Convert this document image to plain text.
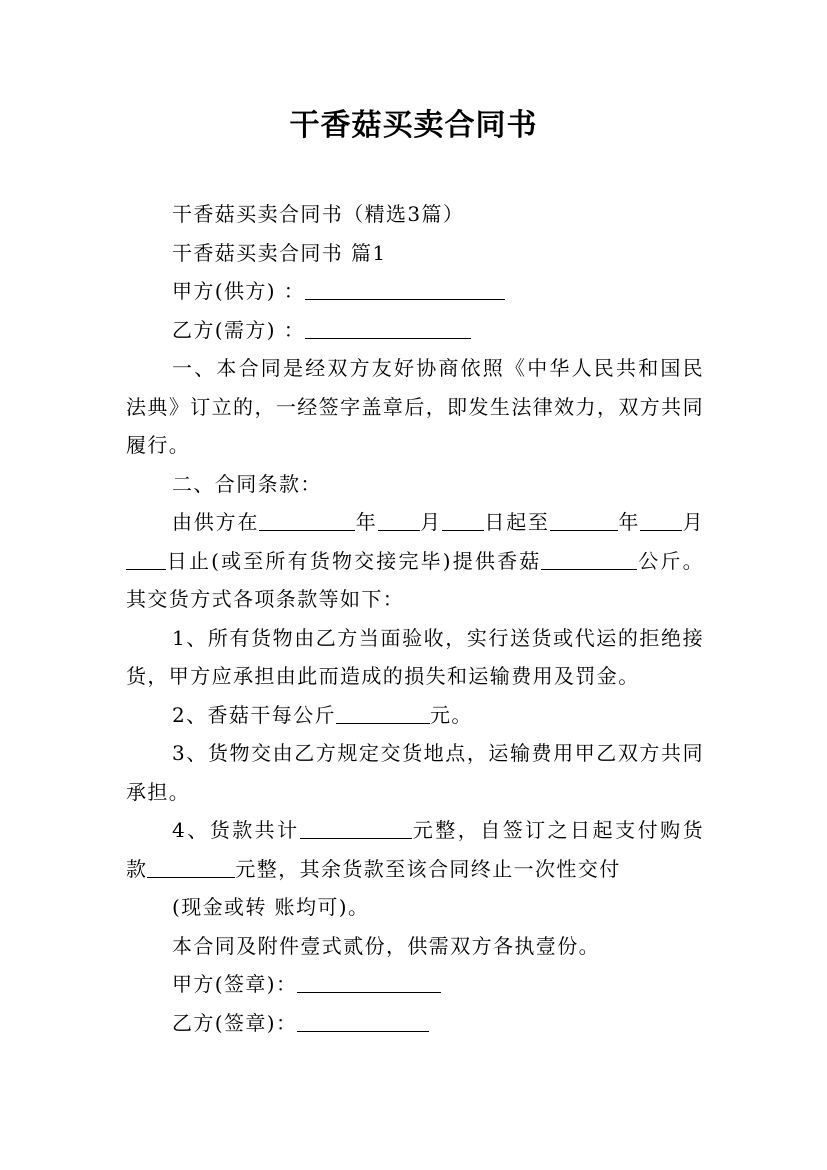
干香菇买卖合同书

干香菇买卖合同书（精选3篇）

干香菇买卖合同书 篇1

甲方(供方) ：

乙方(需方) ：

一、本合同是经双方友好协商依照《中华人民共和国民法典》订立的，一经签字盖章后，即发生法律效力，双方共同履行。

二、合同条款：

由供方在	年 月 日起至	年 月日止(或至所有货物交接完毕)提供香菇	公斤。其交货方式各项条款等如下：

1、所有货物由乙方当面验收，实行送货或代运的拒绝接货，甲方应承担由此而造成的损失和运输费用及罚金。

2、香菇干每公斤	元。

3、货物交由乙方规定交货地点，运输费用甲乙双方共同承担。

4、货款共计	元整，自签订之日起支付购货款	元整，其余货款至该合同终止一次性交付

(现金或转 账均可)。

本合同及附件壹式贰份，供需双方各执壹份。

甲方(签章)：

乙方(签章)：
